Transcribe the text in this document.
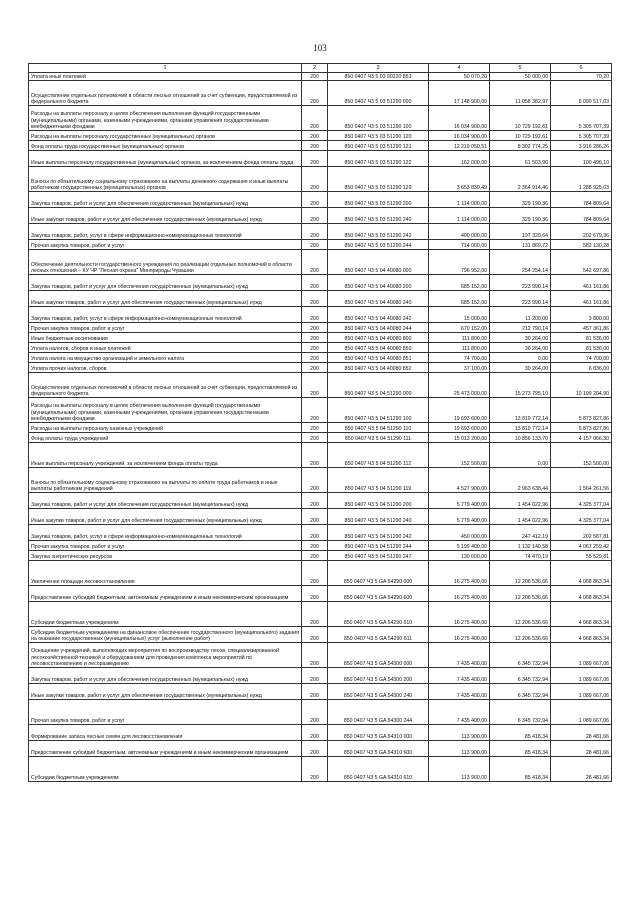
103
1	2	3	4	5	6
Уплата иных платежей	200	850 0407 Ч3 5 03 90220 853	50 070,20	50 000,00	70,20
Осуществление отдельных полномочий в области лесных отношений за счет субвенции, предоставляемой из федерального бюджета	200	850 0407 Ч3 5 03 51290 000	17 148 900,00	11 058 382,97	6 090 517,03
Расходы на выплаты персоналу в целях обеспечения выполнения функций государственными (муниципальными) органами, казенными учреждениями, органами управления государственными внебюджетными фондами	200	850 0407 Ч3 5 03 51290 100	16 034 900,00	10 729 192,61	5 305 707,39
Расходы на выплаты персоналу государственных (муниципальных) органов	200	850 0407 Ч3 5 03 51290 120	16 034 900,00	10 729 192,61	5 305 707,39
Фонд оплаты труда государственных (муниципальных) органов	200	850 0407 Ч3 5 03 51290 121	12 219 050,51	8 302 774,25	3 916 286,26
Иные выплаты персоналу государственных (муниципальных) органов, за исключением фонда оплаты труда	200	850 0407 Ч3 5 03 51290 122	162 000,00	61 503,90	100 496,10
Взносы по обязательному социальному страхованию на выплаты денежного содержания и иные выплаты работникам государственных (муниципальных) органов	200	850 0407 Ч3 5 03 51290 129	3 653 839,49	2 364 914,46	1 288 925,03
Закупка товаров, работ и услуг для обеспечения государственных (муниципальных) нужд	200	850 0407 Ч3 5 03 51290 200	1 114 000,00	329 190,36	784 809,64
Иные закупки товаров, работ и услуг для обеспечения государственных (муниципальных) нужд	200	850 0407 Ч3 5 03 51290 240	1 114 000,00	329 190,36	784 809,64
Закупка товаров, работ, услуг в сфере информационно-коммуникационных технологий	200	850 0407 Ч3 5 03 51290 242	400 000,00	197 320,64	202 679,36
Прочая закупка товаров, работ и услуг	200	850 0407 Ч3 5 03 51290 244	714 000,00	131 869,72	582 130,28
Обеспечение деятельности государственного учреждения по реализации отдельных полномочий в области лесных отношений – КУ ЧР "Лесная охрана" Минприроды Чувашии	200	850 0407 Ч3 5 04 40080 000	796 952,00	254 254,14	542 697,86
Закупка товаров, работ и услуг для обеспечения государственных (муниципальных) нужд	200	850 0407 Ч3 5 04 40080 200	685 152,00	223 990,14	461 161,86
Иные закупки товаров, работ и услуг для обеспечения государственных (муниципальных) нужд	200	850 0407 Ч3 5 04 40080 240	685 152,00	223 990,14	461 161,86
Закупка товаров, работ, услуг в сфере информационно-коммуникационных технологий	200	850 0407 Ч3 5 04 40080 242	15 000,00	11 200,00	3 800,00
Прочая закупка товаров, работ и услуг	200	850 0407 Ч3 5 04 40080 244	670 152,00	212 790,14	457 361,86
Иные бюджетные ассигнования	200	850 0407 Ч3 5 04 40080 800	111 800,00	30 264,00	81 536,00
Уплата налогов, сборов и иных платежей	200	850 0407 Ч3 5 04 40080 850	111 800,00	30 264,00	81 536,00
Уплата налога на имущество организаций и земельного налога	200	850 0407 Ч3 5 04 40080 851	74 700,00	0,00	74 700,00
Уплата прочих налогов, сборов	200	850 0407 Ч3 5 04 40080 852	37 100,00	30 264,00	6 836,00
Осуществление отдельных полномочий в области лесных отношений за счет субвенции, предоставляемой из федерального бюджета	200	850 0407 Ч3 5 04 51290 000	25 473 000,00	15 273 795,10	10 199 204,90
Расходы на выплаты персоналу в целях обеспечения выполнения функций государственными (муниципальными) органами, казенными учреждениями, органами управления государственными внебюджетными фондами	200	850 0407 Ч3 5 04 51290 100	19 693 600,00	13 819 772,14	5 873 827,86
Расходы на выплаты персоналу казенных учреждений	200	850 0407 Ч3 5 04 51290 110	19 693 600,00	13 819 772,14	5 873 827,86
Фонд оплаты труда учреждений	200	850 0407 Ч3 5 04 51290 111	15 013 200,00	10 856 133,70	4 157 066,30
Иные выплаты персоналу учреждений, за исключением фонда оплаты труда	200	850 0407 Ч3 5 04 51290 112	152 500,00	0,00	152 500,00
Взносы по обязательному социальному страхованию на выплаты по оплате труда работников и иные выплаты работникам учреждений	200	850 0407 Ч3 5 04 51290 119	4 527 900,00	2 963 638,44	1 564 261,56
Закупка товаров, работ и услуг для обеспечения государственных (муниципальных) нужд	200	850 0407 Ч3 5 04 51290 200	5 779 400,00	1 454 022,96	4 325 377,04
Иные закупки товаров, работ и услуг для обеспечения государственных (муниципальных) нужд	200	850 0407 Ч3 5 04 51290 240	5 779 400,00	1 454 022,96	4 325 377,04
Закупка товаров, работ, услуг в сфере информационно-коммуникационных технологий	200	850 0407 Ч3 5 04 51290 242	450 000,00	247 412,19	202 587,81
Прочая закупка товаров, работ и услуг	200	850 0407 Ч3 5 04 51290 244	5 199 400,00	1 132 140,58	4 067 259,42
Закупка энергетических ресурсов	200	850 0407 Ч3 5 04 51290 247	130 000,00	74 470,19	55 529,81
Увеличение площади лесовосстановления	200	850 0407 Ч3 5 GA 54290 000	16 275 400,00	12 206 536,66	4 068 863,34
Предоставление субсидий бюджетным, автономным учреждениям и иным некоммерческим организациям	200	850 0407 Ч3 5 GA 54290 600	16 275 400,00	12 206 536,66	4 068 863,34
Субсидии бюджетным учреждениям	200	850 0407 Ч3 5 GA 54290 610	16 275 400,00	12 206 536,66	4 068 863,34
Субсидии бюджетным учреждениям на финансовое обеспечение государственного (муниципального) задания на оказание государственных (муниципальных) услуг (выполнение работ)	200	850 0407 Ч3 5 GA 54290 611	16 275 400,00	12 206 536,66	4 068 863,34
Оснащение учреждений, выполняющих мероприятия по воспроизводству лесов, специализированной лесохозяйственной техникой и оборудованием для проведения комплекса мероприятий по лесовосстановлению и лесоразведению	200	850 0407 Ч3 5 GA 54300 000	7 435 400,00	6 345 732,94	1 089 667,06
Закупка товаров, работ и услуг для обеспечения государственных (муниципальных) нужд	200	850 0407 Ч3 5 GA 54300 200	7 435 400,00	6 345 732,94	1 089 667,06
Иные закупки товаров, работ и услуг для обеспечения государственных (муниципальных) нужд	200	850 0407 Ч3 5 GA 54300 240	7 435 400,00	6 345 732,94	1 089 667,06
Прочая закупка товаров, работ и услуг	200	850 0407 Ч3 5 GA 54300 244	7 435 400,00	6 345 732,94	1 089 667,06
Формирование запаса лесных семян для лесовосстановления	200	850 0407 Ч3 5 GA 54310 000	113 900,00	85 418,34	28 481,66
Предоставление субсидий бюджетным, автономным учреждениям и иным некоммерческим организациям	200	850 0407 Ч3 5 GA 54310 600	113 900,00	85 418,34	28 481,66
Субсидии бюджетным учреждениям	200	850 0407 Ч3 5 GA 54310 610	113 900,00	85 418,34	28 481,66
